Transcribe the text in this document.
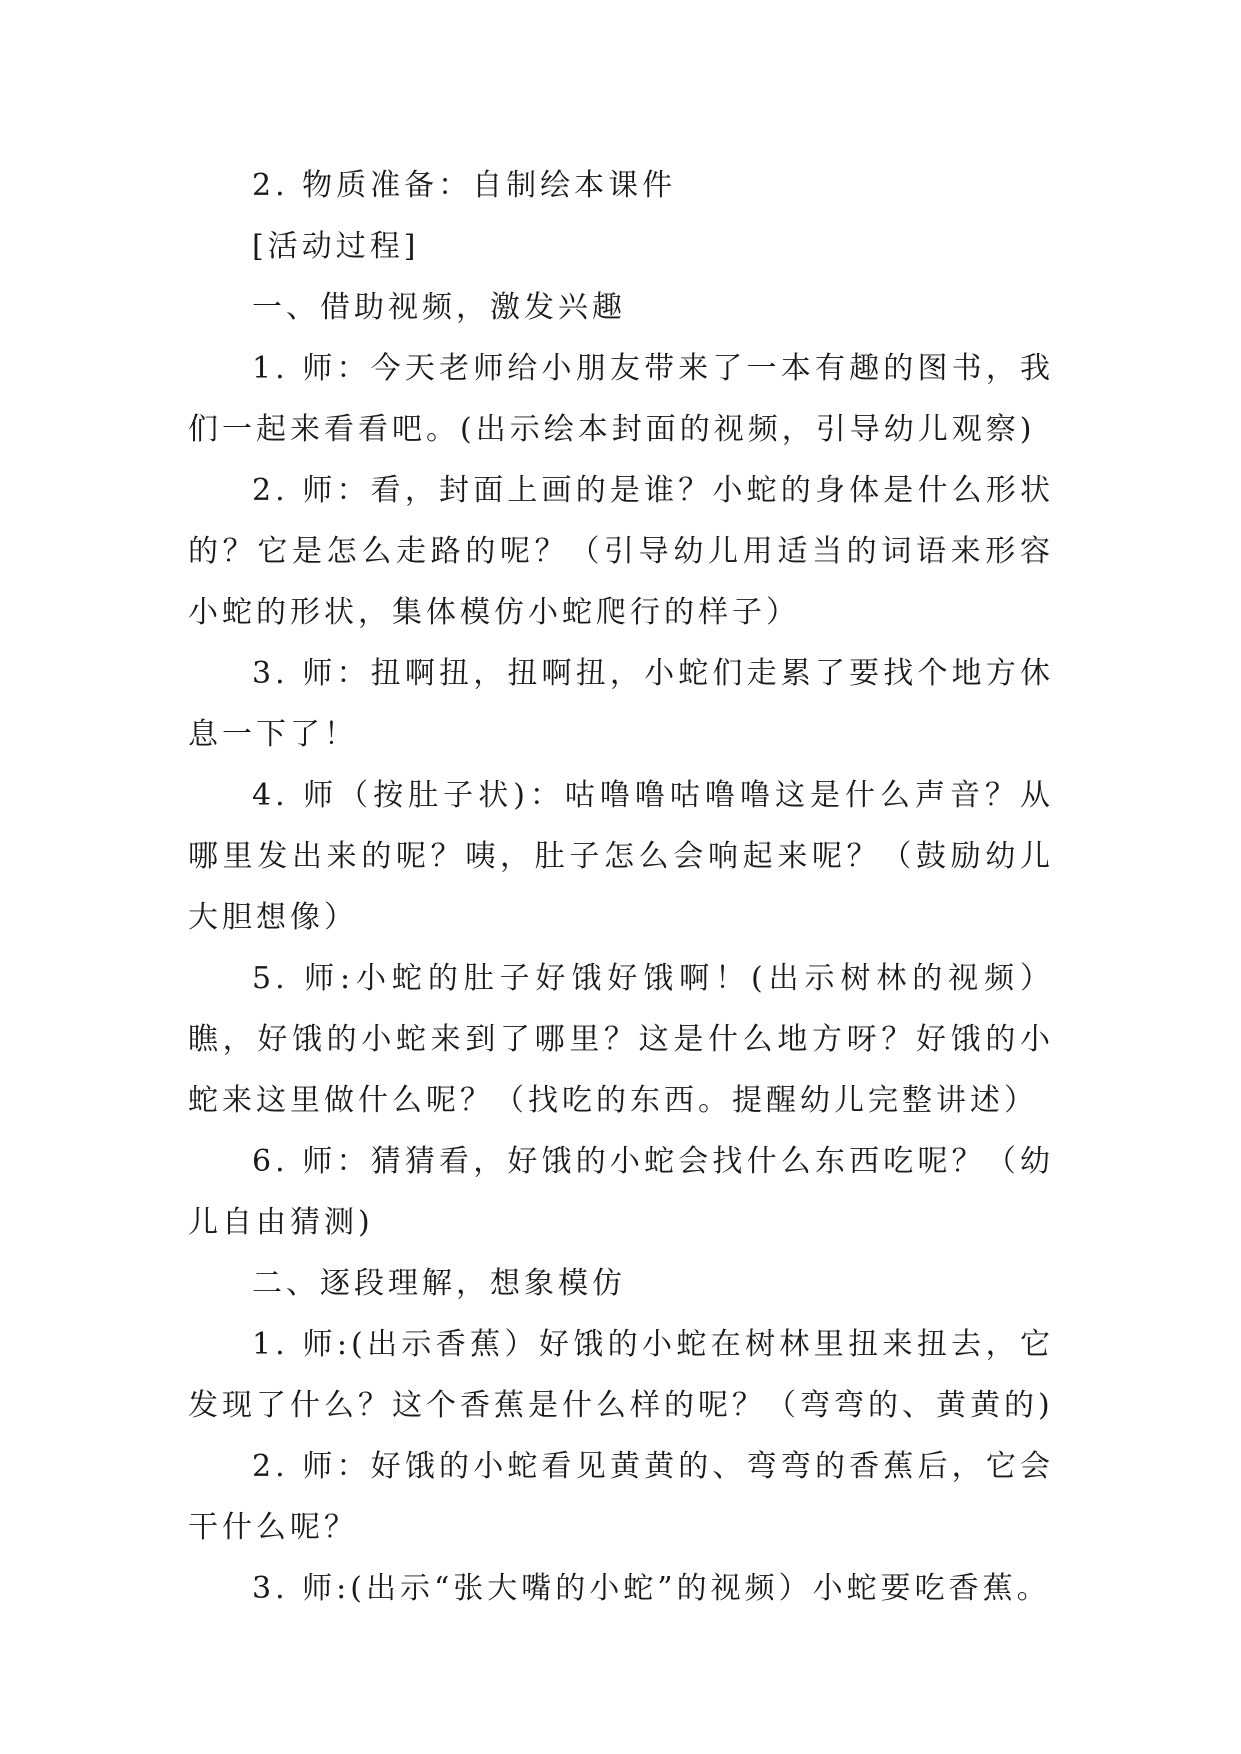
2. 物质准备：自制绘本课件

[活动过程]

一、借助视频，激发兴趣

1. 师：今天老师给小朋友带来了一本有趣的图书，我们一起来看看吧。(出示绘本封面的视频，引导幼儿观察)

2. 师：看，封面上画的是谁？小蛇的身体是什么形状的？它是怎么走路的呢？（引导幼儿用适当的词语来形容小蛇的形状，集体模仿小蛇爬行的样子）

3. 师：扭啊扭，扭啊扭，小蛇们走累了要找个地方休息一下了！

4. 师（按肚子状)：咕噜噜咕噜噜这是什么声音？从哪里发出来的呢？咦，肚子怎么会响起来呢？（鼓励幼儿大胆想像）

5. 师:小蛇的肚子好饿好饿啊！(出示树林的视频）瞧，好饿的小蛇来到了哪里？这是什么地方呀？好饿的小蛇来这里做什么呢？（找吃的东西。提醒幼儿完整讲述）

6. 师：猜猜看，好饿的小蛇会找什么东西吃呢？（幼儿自由猜测)

二、逐段理解，想象模仿

1. 师:(出示香蕉）好饿的小蛇在树林里扭来扭去，它发现了什么？这个香蕉是什么样的呢？（弯弯的、黄黄的)

2. 师：好饿的小蛇看见黄黄的、弯弯的香蕉后，它会干什么呢？

3. 师:(出示“张大嘴的小蛇”的视频）小蛇要吃香蕉。
